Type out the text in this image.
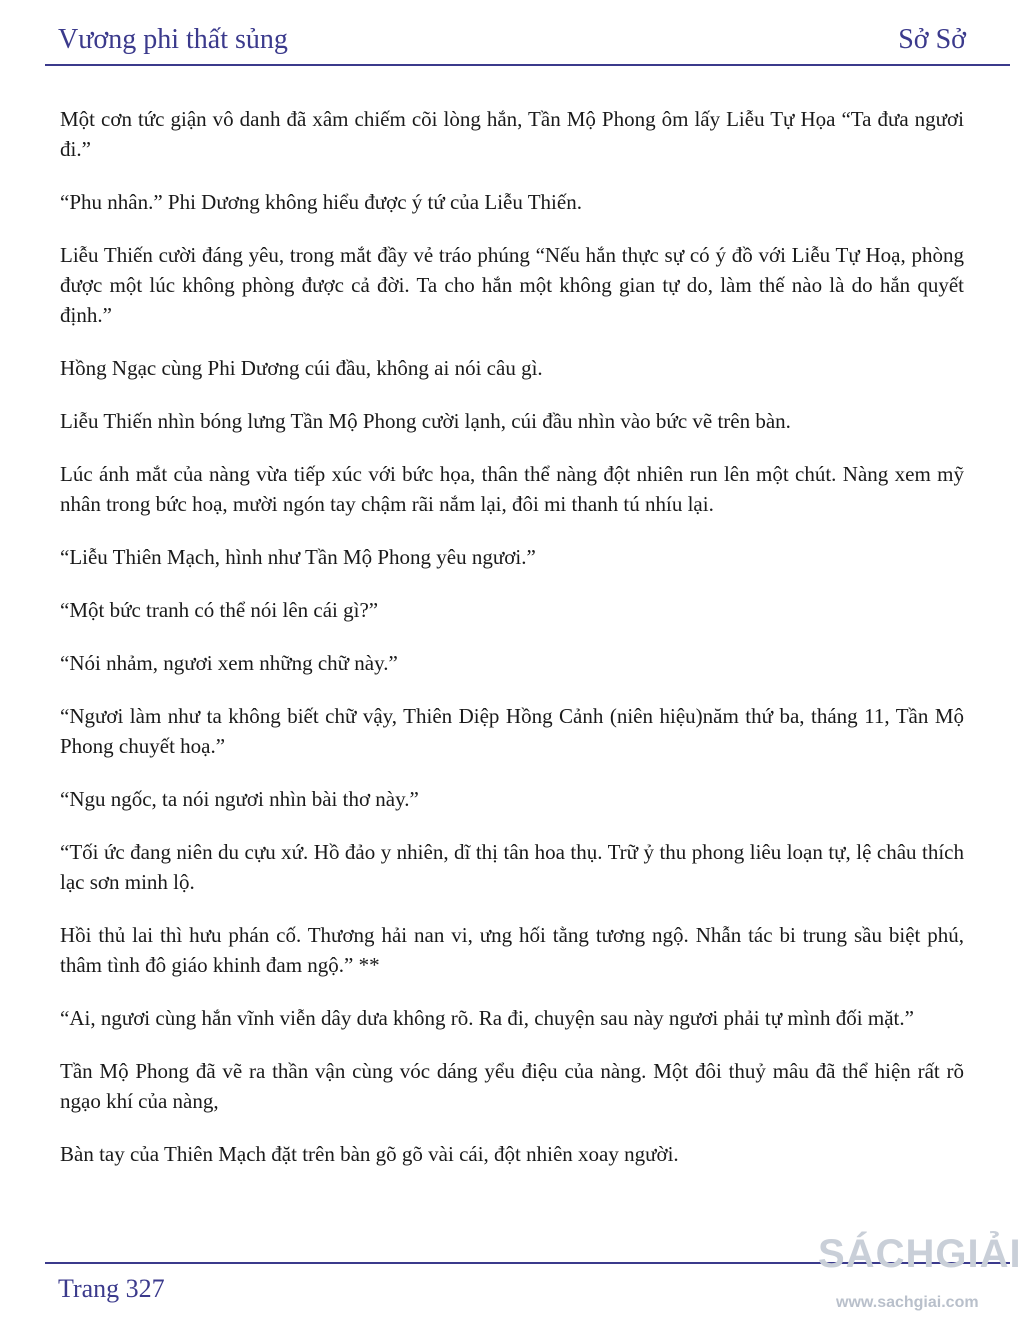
Vương phi thất sủng	Sở Sở

Một cơn tức giận vô danh đã xâm chiếm cõi lòng hắn, Tần Mộ Phong ôm lấy Liễu Tự Họa “Ta đưa ngươi đi.”

“Phu nhân.” Phi Dương không hiểu được ý tứ của Liễu Thiến.

Liễu Thiến cười đáng yêu, trong mắt đầy vẻ tráo phúng “Nếu hắn thực sự có ý đồ với Liễu Tự Hoạ, phòng được một lúc không phòng được cả đời. Ta cho hắn một không gian tự do, làm thế nào là do hắn quyết định.”

Hồng Ngạc cùng Phi Dương cúi đầu, không ai nói câu gì.

Liễu Thiến nhìn bóng lưng Tần Mộ Phong cười lạnh, cúi đầu nhìn vào bức vẽ trên bàn.

Lúc ánh mắt của nàng vừa tiếp xúc với bức họa, thân thể nàng đột nhiên run lên một chút. Nàng xem mỹ nhân trong bức hoạ, mười ngón tay chậm rãi nắm lại, đôi mi thanh tú nhíu lại.

“Liễu Thiên Mạch, hình như Tần Mộ Phong yêu ngươi.”

“Một bức tranh có thể nói lên cái gì?”

“Nói nhảm, ngươi xem những chữ này.”

“Ngươi làm như ta không biết chữ vậy, Thiên Diệp Hồng Cảnh (niên hiệu)năm thứ ba, tháng 11, Tần Mộ Phong chuyết hoạ.”

“Ngu ngốc, ta nói ngươi nhìn bài thơ này.”

“Tối ức đang niên du cựu xứ. Hồ đảo y nhiên, dĩ thị tân hoa thụ. Trữ ỷ thu phong liêu loạn tự, lệ châu thích lạc sơn minh lộ.

Hồi thủ lai thì hưu phán cố. Thương hải nan vi, ưng hối tằng tương ngộ. Nhẫn tác bi trung sầu biệt phú, thâm tình đô giáo khinh đam ngộ.” **

“Ai, ngươi cùng hắn vĩnh viễn dây dưa không rõ. Ra đi, chuyện sau này ngươi phải tự mình đối mặt.”

Tần Mộ Phong đã vẽ ra thần vận cùng vóc dáng yểu điệu của nàng. Một đôi thuỷ mâu đã thể hiện rất rõ ngạo khí của nàng,

Bàn tay của Thiên Mạch đặt trên bàn gõ gõ vài cái, đột nhiên xoay người.

Trang 327
SÁCHGIẢI
www.sachgiai.com
